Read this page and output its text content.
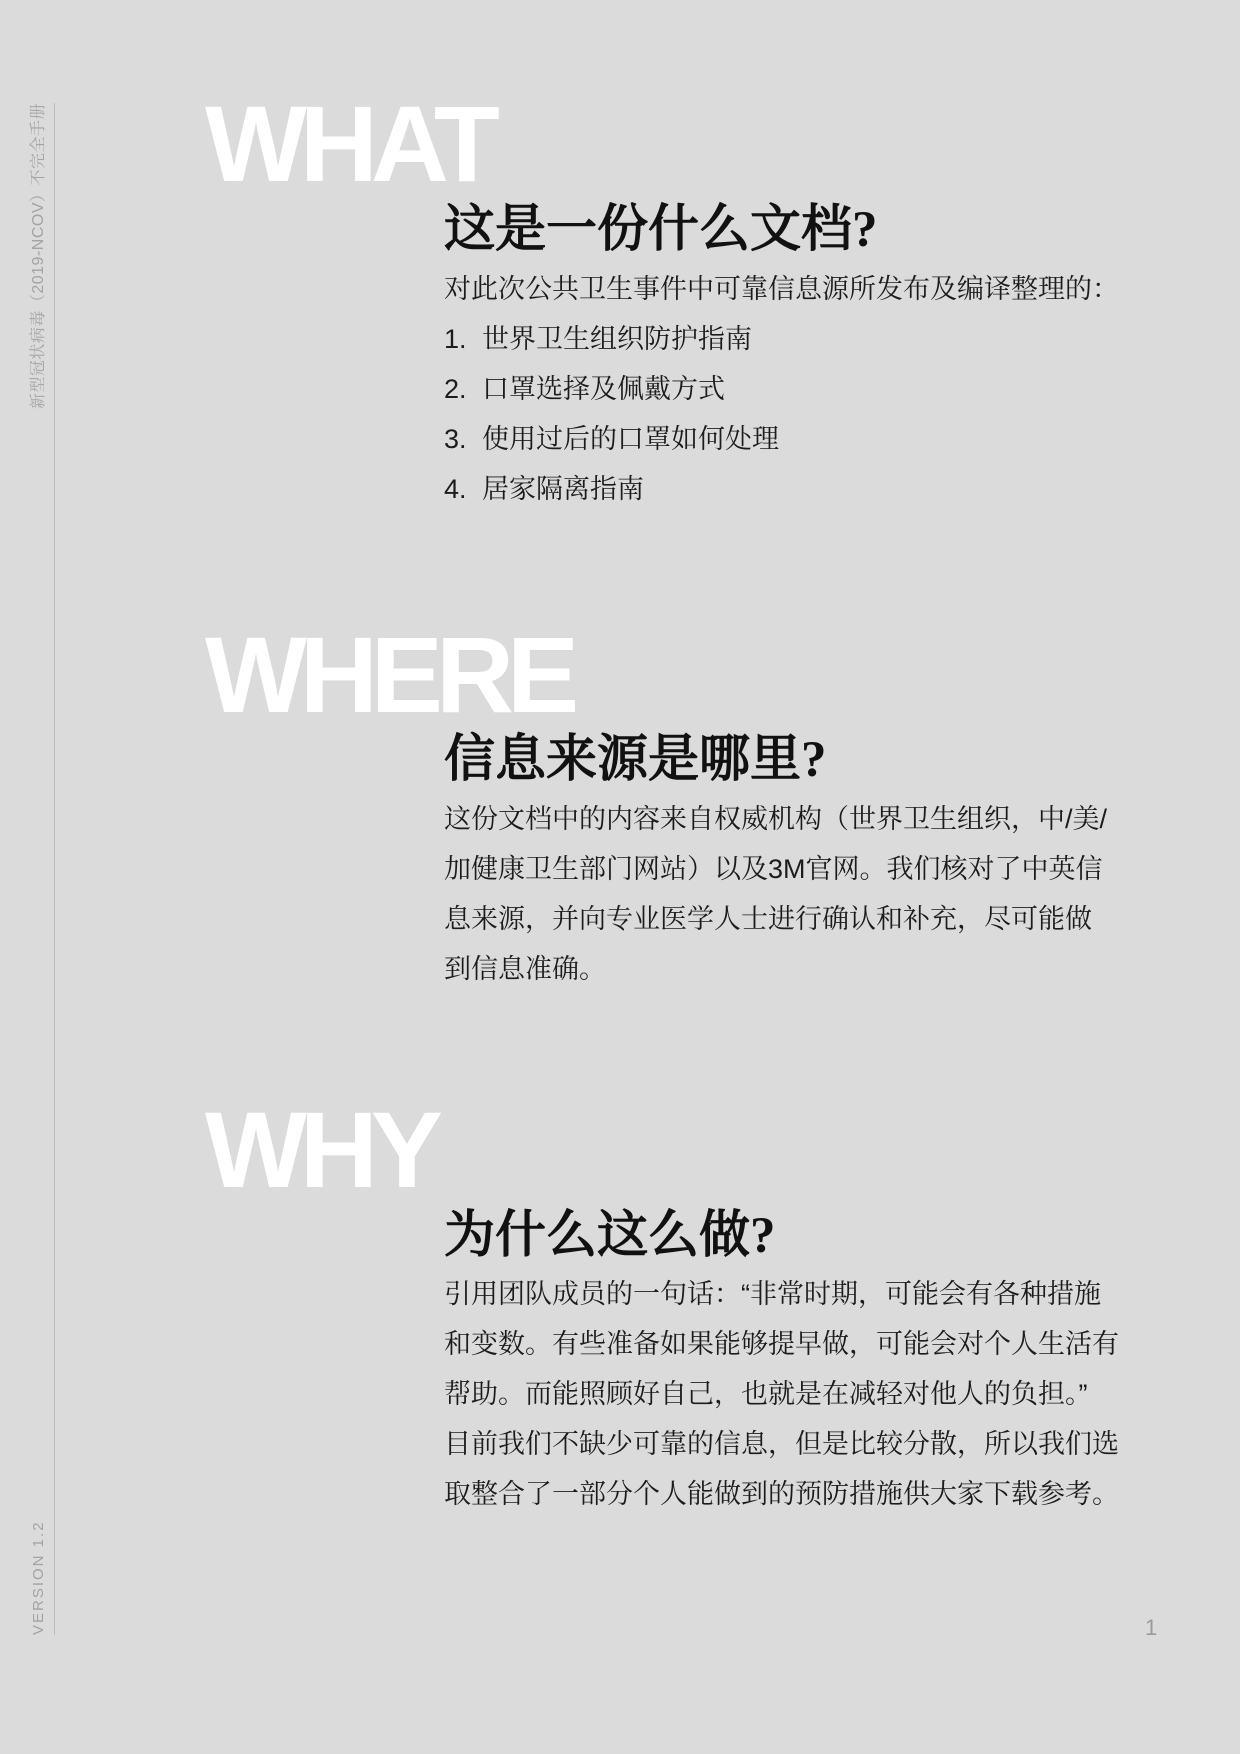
新型冠状病毒（2019-NCOV）不完全手册
VERSION 1.2
WHAT
这是一份什么文档?
对此次公共卫生事件中可靠信息源所发布及编译整理的：
1. 世界卫生组织防护指南
2. 口罩选择及佩戴方式
3. 使用过后的口罩如何处理
4. 居家隔离指南
WHERE
信息来源是哪里?
这份文档中的内容来自权威机构（世界卫生组织，中/美/
加健康卫生部门网站）以及3M官网。我们核对了中英信
息来源，并向专业医学人士进行确认和补充，尽可能做
到信息准确。
WHY
为什么这么做?
引用团队成员的一句话：“非常时期，可能会有各种措施
和变数。有些准备如果能够提早做，可能会对个人生活有
帮助。而能照顾好自己，也就是在减轻对他人的负担。”
目前我们不缺少可靠的信息，但是比较分散，所以我们选
取整合了一部分个人能做到的预防措施供大家下载参考。
1
